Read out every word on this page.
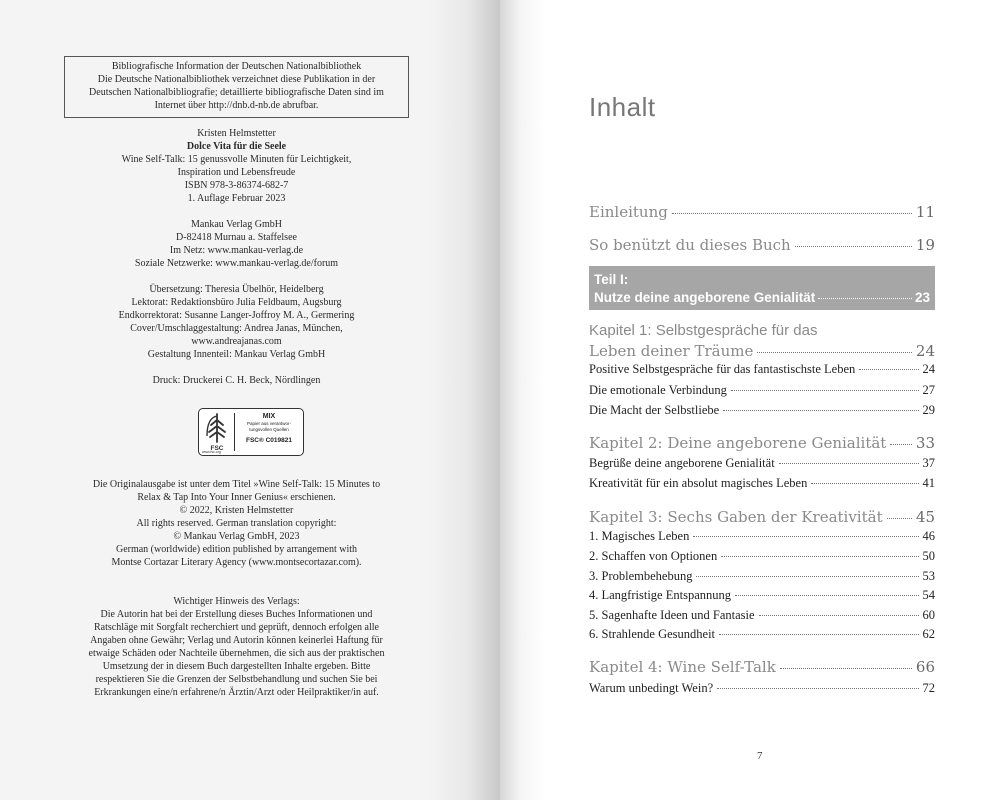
Bibliografische Information der Deutschen Nationalbibliothek
Die Deutsche Nationalbibliothek verzeichnet diese Publikation in der
Deutschen Nationalbibliografie; detaillierte bibliografische Daten sind im
Internet über http://dnb.d-nb.de abrufbar.
Kristen Helmstetter
Dolce Vita für die Seele
Wine Self-Talk: 15 genussvolle Minuten für Leichtigkeit,
Inspiration und Lebensfreude
ISBN 978-3-86374-682-7
1. Auflage Februar 2023
Mankau Verlag GmbH
D-82418 Murnau a. Staffelsee
Im Netz: www.mankau-verlag.de
Soziale Netzwerke: www.mankau-verlag.de/forum
Übersetzung: Theresia Übelhör, Heidelberg
Lektorat: Redaktionsbüro Julia Feldbaum, Augsburg
Endkorrektorat: Susanne Langer-Joffroy M. A., Germering
Cover/Umschlaggestaltung: Andrea Janas, München,
www.andreajanas.com
Gestaltung Innenteil: Mankau Verlag GmbH
Druck: Druckerei C. H. Beck, Nördlingen
FSC
MIX
Papier aus verantwor-
tungsvollen Quellen
FSC® C019821
www.fsc.org
Die Originalausgabe ist unter dem Titel »Wine Self-Talk: 15 Minutes to
Relax & Tap Into Your Inner Genius« erschienen.
© 2022, Kristen Helmstetter
All rights reserved. German translation copyright:
© Mankau Verlag GmbH, 2023
German (worldwide) edition published by arrangement with
Montse Cortazar Literary Agency (www.montsecortazar.com).
Wichtiger Hinweis des Verlags:
Die Autorin hat bei der Erstellung dieses Buches Informationen und
Ratschläge mit Sorgfalt recherchiert und geprüft, dennoch erfolgen alle
Angaben ohne Gewähr; Verlag und Autorin können keinerlei Haftung für
etwaige Schäden oder Nachteile übernehmen, die sich aus der praktischen
Umsetzung der in diesem Buch dargestellten Inhalte ergeben. Bitte
respektieren Sie die Grenzen der Selbstbehandlung und suchen Sie bei
Erkrankungen eine/n erfahrene/n Ärztin/Arzt oder Heilpraktiker/in auf.
Inhalt
Einleitung	11
So benützt du dieses Buch	19
Teil I:
Nutze deine angeborene Genialität	23
Kapitel 1: Selbstgespräche für das
Leben deiner Träume	24
Positive Selbstgespräche für das fantastischste Leben	24
Die emotionale Verbindung	27
Die Macht der Selbstliebe	29
Kapitel 2: Deine angeborene Genialität 33
Begrüße deine angeborene Genialität	37
Kreativität für ein absolut magisches Leben	41
Kapitel 3: Sechs Gaben der Kreativität 45
1. Magisches Leben	46
2. Schaffen von Optionen	50
3. Problembehebung	53
4. Langfristige Entspannung	54
5. Sagenhafte Ideen und Fantasie	60
6. Strahlende Gesundheit	62
Kapitel 4: Wine Self-Talk	66
Warum unbedingt Wein?	72
7
